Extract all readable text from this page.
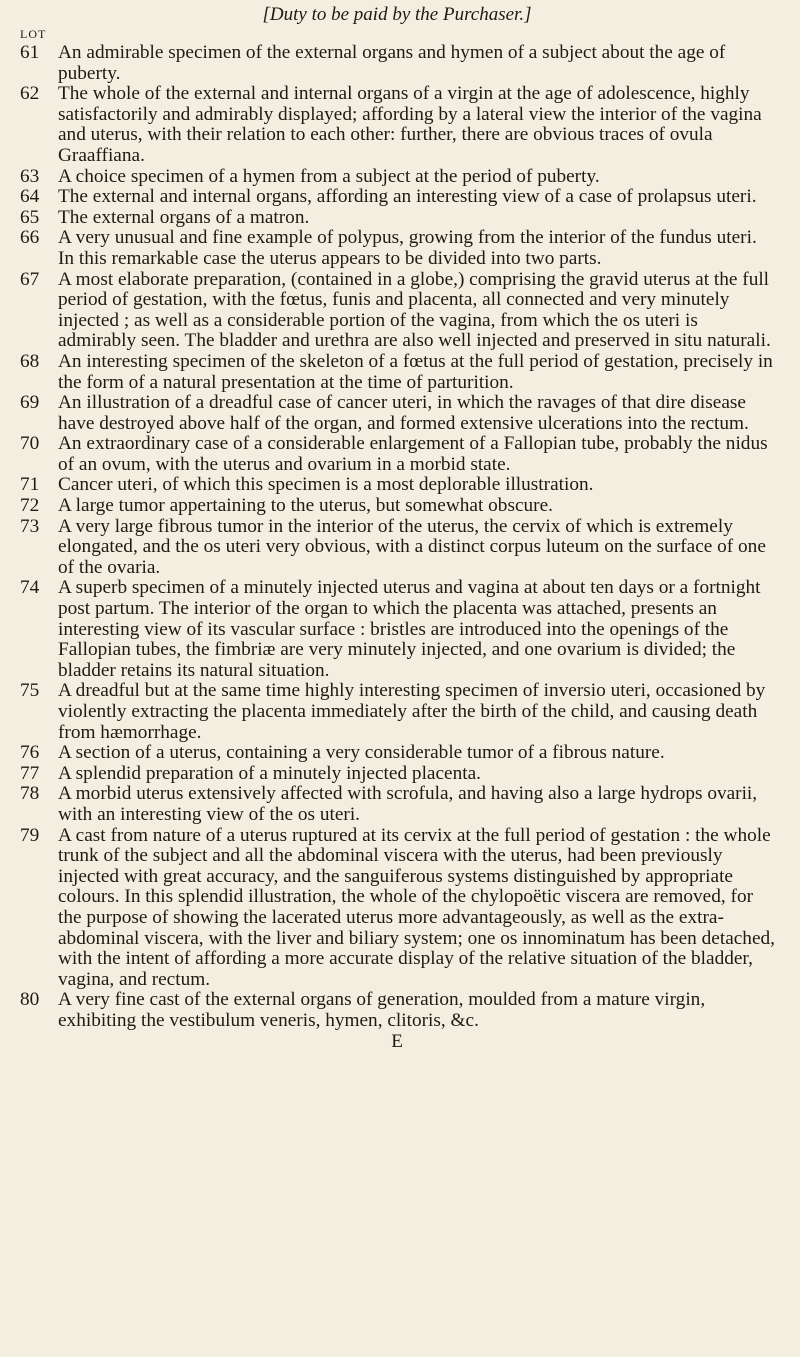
[Duty to be paid by the Purchaser.]
LOT
61 An admirable specimen of the external organs and hymen of a subject about the age of puberty.
62 The whole of the external and internal organs of a virgin at the age of adolescence, highly satisfactorily and admirably displayed; affording by a lateral view the interior of the vagina and uterus, with their relation to each other: further, there are obvious traces of ovula Graaffiana.
63 A choice specimen of a hymen from a subject at the period of puberty.
64 The external and internal organs, affording an interesting view of a case of prolapsus uteri.
65 The external organs of a matron.
66 A very unusual and fine example of polypus, growing from the interior of the fundus uteri. In this remarkable case the uterus appears to be divided into two parts.
67 A most elaborate preparation, (contained in a globe,) comprising the gravid uterus at the full period of gestation, with the fœtus, funis and placenta, all connected and very minutely injected ; as well as a considerable portion of the vagina, from which the os uteri is admirably seen. The bladder and urethra are also well injected and preserved in situ naturali.
68 An interesting specimen of the skeleton of a fœtus at the full period of gestation, precisely in the form of a natural presentation at the time of parturition.
69 An illustration of a dreadful case of cancer uteri, in which the ravages of that dire disease have destroyed above half of the organ, and formed extensive ulcerations into the rectum.
70 An extraordinary case of a considerable enlargement of a Fallopian tube, probably the nidus of an ovum, with the uterus and ovarium in a morbid state.
71 Cancer uteri, of which this specimen is a most deplorable illustration.
72 A large tumor appertaining to the uterus, but somewhat obscure.
73 A very large fibrous tumor in the interior of the uterus, the cervix of which is extremely elongated, and the os uteri very obvious, with a distinct corpus luteum on the surface of one of the ovaria.
74 A superb specimen of a minutely injected uterus and vagina at about ten days or a fortnight post partum. The interior of the organ to which the placenta was attached, presents an interesting view of its vascular surface : bristles are introduced into the openings of the Fallopian tubes, the fimbriæ are very minutely injected, and one ovarium is divided; the bladder retains its natural situation.
75 A dreadful but at the same time highly interesting specimen of inversio uteri, occasioned by violently extracting the placenta immediately after the birth of the child, and causing death from hæmorrhage.
76 A section of a uterus, containing a very considerable tumor of a fibrous nature.
77 A splendid preparation of a minutely injected placenta.
78 A morbid uterus extensively affected with scrofula, and having also a large hydrops ovarii, with an interesting view of the os uteri.
79 A cast from nature of a uterus ruptured at its cervix at the full period of gestation : the whole trunk of the subject and all the abdominal viscera with the uterus, had been previously injected with great accuracy, and the sanguiferous systems distinguished by appropriate colours. In this splendid illustration, the whole of the chylopoëtic viscera are removed, for the purpose of showing the lacerated uterus more advantageously, as well as the extra-abdominal viscera, with the liver and biliary system; one os innominatum has been detached, with the intent of affording a more accurate display of the relative situation of the bladder, vagina, and rectum.
80 A very fine cast of the external organs of generation, moulded from a mature virgin, exhibiting the vestibulum veneris, hymen, clitoris, &c.
E
